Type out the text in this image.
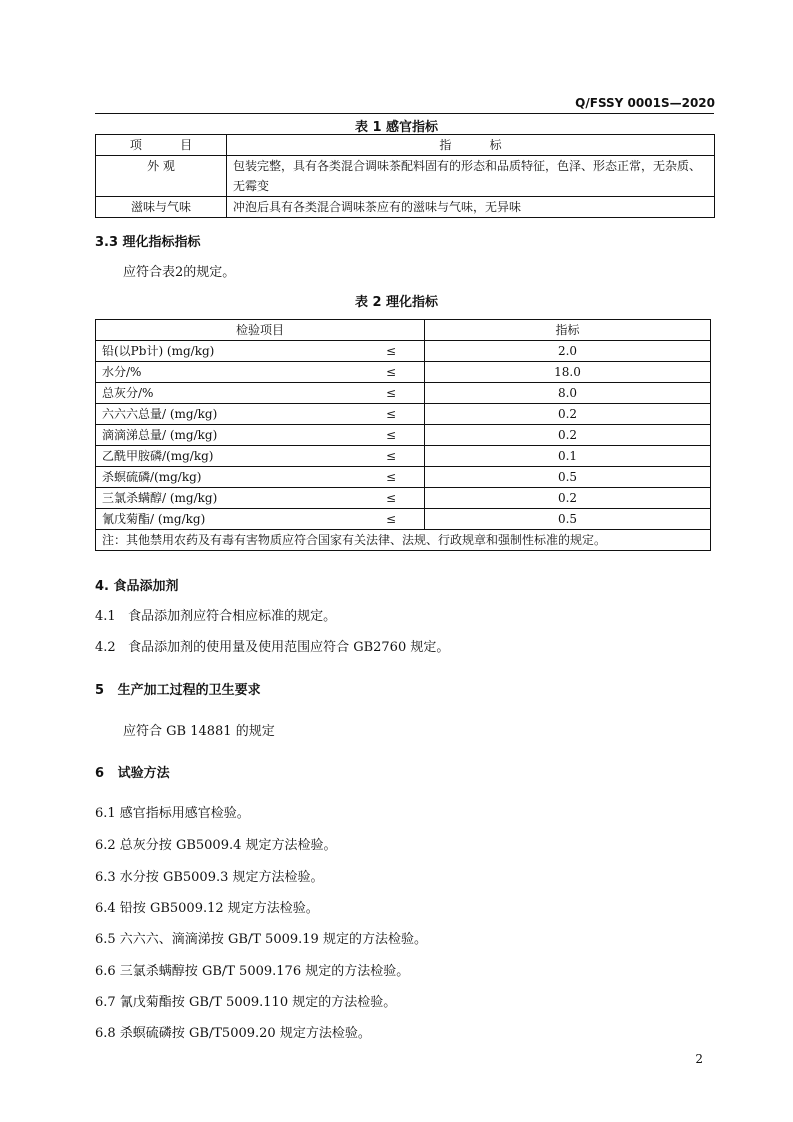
Q/FSSY 0001S—2020
表 1 感官指标
项          目	指          标
外 观	包装完整，具有各类混合调味茶配料固有的形态和品质特征，色泽、形态正常，无杂质、无霉变
滋味与气味	冲泡后具有各类混合调味茶应有的滋味与气味，无异味
3.3 理化指标指标
应符合表2的规定。
表 2 理化指标
检验项目	指标
铅(以Pb计) (mg/kg) ≤	2.0
水分/% ≤	18.0
总灰分/% ≤	8.0
六六六总量/ (mg/kg) ≤	0.2
滴滴涕总量/ (mg/kg) ≤	0.2
乙酰甲胺磷/(mg/kg) ≤	0.1
杀螟硫磷/(mg/kg) ≤	0.5
三氯杀螨醇/ (mg/kg) ≤	0.2
氰戊菊酯/ (mg/kg) ≤	0.5
注：其他禁用农药及有毒有害物质应符合国家有关法律、法规、行政规章和强制性标准的规定。	
4. 食品添加剂
4.1   食品添加剂应符合相应标准的规定。
4.2   食品添加剂的使用量及使用范围应符合 GB2760 规定。
5   生产加工过程的卫生要求
应符合 GB 14881 的规定
6   试验方法
6.1 感官指标用感官检验。
6.2 总灰分按 GB5009.4 规定方法检验。
6.3 水分按 GB5009.3 规定方法检验。
6.4 铅按 GB5009.12 规定方法检验。
6.5 六六六、滴滴涕按 GB/T 5009.19 规定的方法检验。
6.6 三氯杀螨醇按 GB/T 5009.176 规定的方法检验。
6.7 氰戊菊酯按 GB/T 5009.110 规定的方法检验。
6.8 杀螟硫磷按 GB/T5009.20 规定方法检验。
2
